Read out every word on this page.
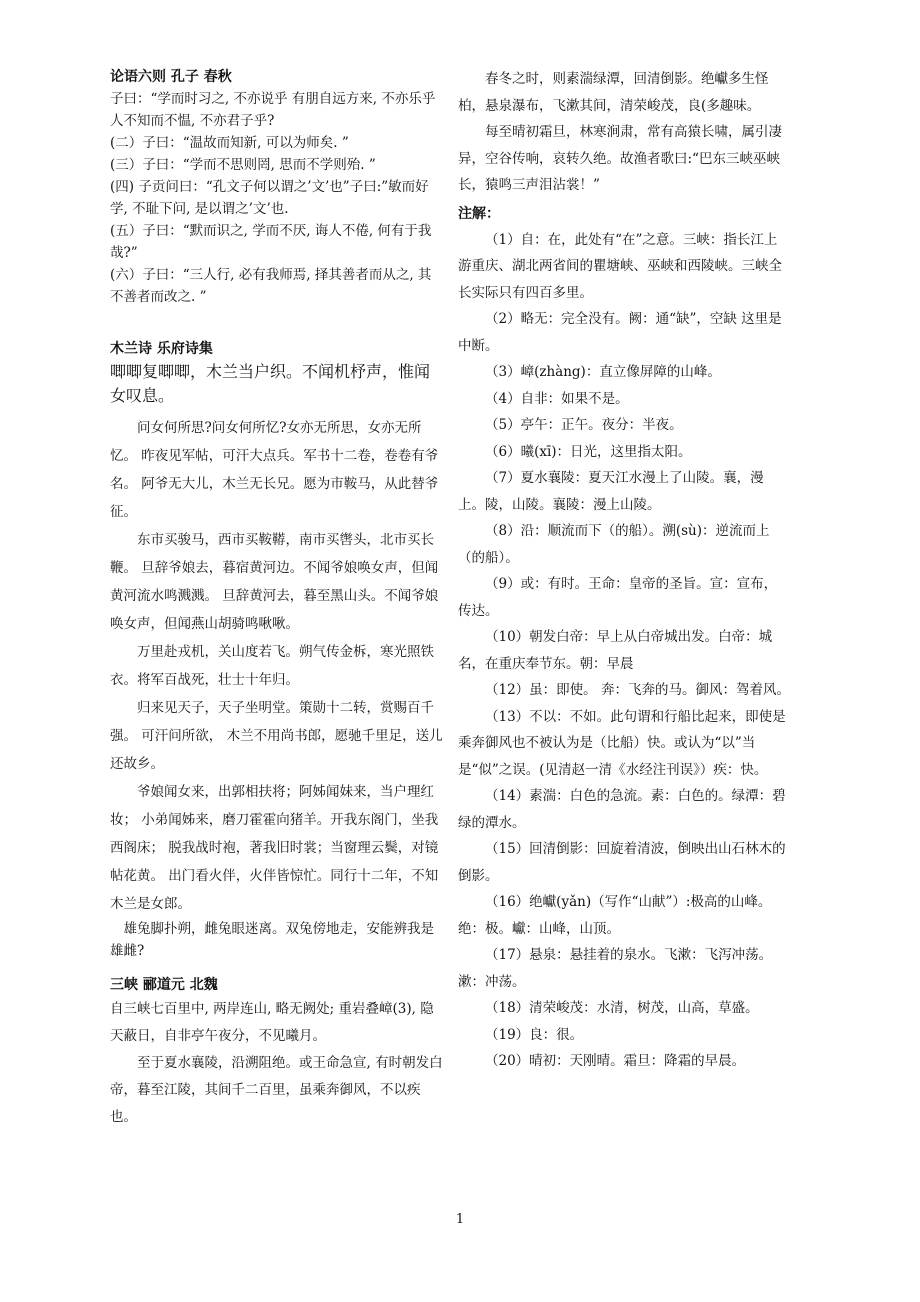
论语六则 孔子 春秋

子曰：“学而时习之, 不亦说乎 有朋自远方来, 不亦乐乎 人不知而不愠, 不亦君子乎?

(二）子曰：“温故而知新, 可以为师矣. ”

(三）子曰：“学而不思则罔, 思而不学则殆. ”

(四) 子贡问曰：“孔文子何以谓之’文’也”子曰:”敏而好学, 不耻下问, 是以谓之’文’也.

(五）子曰：“默而识之, 学而不厌, 诲人不倦, 何有于我哉?”

(六）子曰：“三人行, 必有我师焉, 择其善者而从之, 其不善者而改之. ”

木兰诗 乐府诗集

唧唧复唧唧，木兰当户织。不闻机杼声，惟闻女叹息。

问女何所思?问女何所忆?女亦无所思，女亦无所忆。 昨夜见军帖，可汗大点兵。军书十二卷，卷卷有爷名。 阿爷无大儿，木兰无长兄。愿为市鞍马，从此替爷征。

东市买骏马，西市买鞍鞯，南市买辔头，北市买长鞭。 旦辞爷娘去，暮宿黄河边。不闻爷娘唤女声，但闻黄河流水鸣溅溅。 旦辞黄河去，暮至黑山头。不闻爷娘唤女声，但闻燕山胡骑鸣啾啾。

万里赴戎机，关山度若飞。朔气传金柝，寒光照铁衣。将军百战死，壮士十年归。

归来见天子，天子坐明堂。策勋十二转，赏赐百千强。 可汗问所欲， 木兰不用尚书郎，愿驰千里足，送儿还故乡。

爷娘闻女来，出郭相扶将；阿姊闻妹来，当户理红妆； 小弟闻姊来，磨刀霍霍向猪羊。开我东阁门，坐我西阁床； 脱我战时袍，著我旧时裳；当窗理云鬓，对镜帖花黄。 出门看火伴，火伴皆惊忙。同行十二年，不知木兰是女郎。

雄兔脚扑朔，雌兔眼迷离。双兔傍地走，安能辨我是雄雌?

三峡 郦道元 北魏

自三峡七百里中, 两岸连山, 略无阙处; 重岩叠嶂(3), 隐天蔽日，自非亭午夜分，不见曦月。

至于夏水襄陵，沿溯阻绝。或王命急宣, 有时朝发白帝，暮至江陵，其间千二百里，虽乘奔御风，不以疾也。

春冬之时，则素湍绿潭，回清倒影。绝巘多生怪柏，悬泉瀑布，飞漱其间，清荣峻茂，良(多趣味。

每至晴初霜旦，林寒涧肃，常有高猿长啸，属引凄异，空谷传响，哀转久绝。故渔者歌曰:“巴东三峡巫峡长，猿鸣三声泪沾裳！”

注解：

（1）自：在，此处有“在”之意。三峡：指长江上游重庆、湖北两省间的瞿塘峡、巫峡和西陵峡。三峡全长实际只有四百多里。

（2）略无：完全没有。阙：通“缺”，空缺 这里是中断。

（3）嶂(zhàng)：直立像屏障的山峰。

（4）自非：如果不是。

（5）亭午：正午。夜分：半夜。

（6）曦(xī)：日光，这里指太阳。

（7）夏水襄陵：夏天江水漫上了山陵。襄，漫上。陵，山陵。襄陵：漫上山陵。

（8）沿：顺流而下（的船）。溯(sù)：逆流而上（的船）。

（9）或：有时。王命：皇帝的圣旨。宣：宣布，传达。

（10）朝发白帝：早上从白帝城出发。白帝：城名，在重庆奉节东。朝：早晨

（12）虽：即使。 奔：飞奔的马。御风：驾着风。

（13）不以：不如。此句谓和行船比起来，即使是乘奔御风也不被认为是（比船）快。或认为“以”当是“似”之误。(见清赵一清《水经注刊误》）疾：快。

（14）素湍：白色的急流。素：白色的。绿潭：碧绿的潭水。

（15）回清倒影：回旋着清波，倒映出山石林木的倒影。

（16）绝巘(yǎn)（写作“山献”）:极高的山峰。绝：极。巘：山峰，山顶。

（17）悬泉：悬挂着的泉水。飞漱：飞泻冲荡。漱：冲荡。

（18）清荣峻茂：水清，树茂，山高，草盛。

（19）良：很。

（20）晴初：天刚晴。霜旦：降霜的早晨。

1
